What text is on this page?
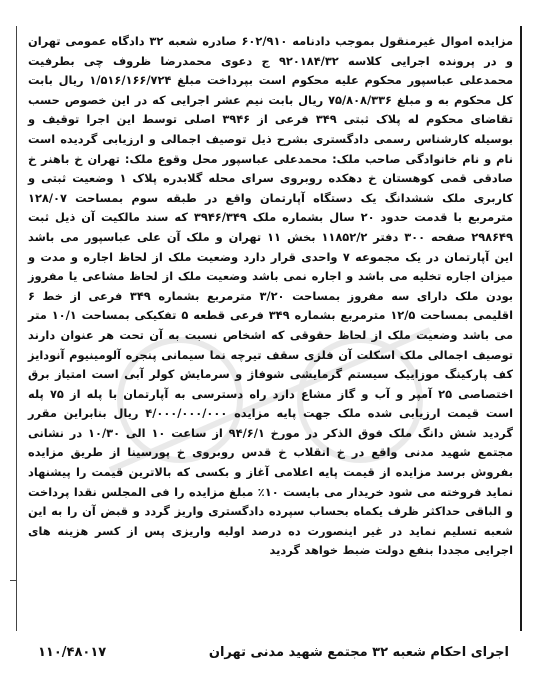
مزایده اموال غیرمنقول بموجب دادنامه ۶۰۲/۹۱۰ صادره شعبه ۳۲ دادگاه عمومی تهران و در پرونده اجرایی کلاسه ۹۲۰۱۸۴/۳۲ ج دعوی محمدرضا ظروف چی بطرفیت محمدعلی عباسپور محکوم علیه محکوم است بپرداخت مبلغ ۱/۵۱۶/۱۶۶/۷۲۴ ریال بابت کل محکوم به و مبلغ ۷۵/۸۰۸/۳۳۶ ریال بابت نیم عشر اجرایی که در این خصوص حسب تقاضای محکوم له پلاک ثبتی ۳۴۹ فرعی از ۳۹۴۶ اصلی توسط این اجرا توقیف و بوسیله کارشناس رسمی دادگستری بشرح ذیل توصیف اجمالی و ارزیابی گردیده است نام و نام خانوادگی صاحب ملک: محمدعلی عباسپور محل وقوع ملک: تهران خ باهنر خ صادقی قمی کوهستان خ دهکده روبروی سرای محله گلابدره پلاک ۱ وضعیت ثبتی و کاربری ملک ششدانگ یک دستگاه آپارتمان واقع در طبقه سوم بمساحت ۱۲۸/۰۷ مترمربع با قدمت حدود ۲۰ سال بشماره ملک ۳۹۴۶/۳۴۹ که سند مالکیت آن ذیل ثبت ۲۹۸۶۴۹ صفحه ۳۰۰ دفتر ۱۱۸۵۲/۲ بخش ۱۱ تهران و ملک آن علی عباسپور می باشد این آپارتمان در یک مجموعه ۷ واحدی قرار دارد وضعیت ملک از لحاظ اجاره و مدت و میزان اجاره تخلیه می باشد و اجاره نمی باشد وضعیت ملک از لحاظ مشاعی یا مفروز بودن ملک دارای سه مفروز بمساحت ۳/۲۰ مترمربع بشماره ۳۴۹ فرعی از خط ۶ اقلیمی بمساحت ۱۲/۵ مترمربع بشماره ۳۴۹ فرعی قطعه ۵ تفکیکی بمساحت ۱۰/۱ متر می باشد وضعیت ملک از لحاظ حقوقی که اشخاص نسبت به آن تحت هر عنوان دارند توصیف اجمالی ملک اسکلت آن فلزی سقف تیرچه نما سیمانی پنجره آلومینیوم آنودایز کف پارکینگ موزاییک سیستم گرمایشی شوفاژ و سرمایش کولر آبی است امتیاز برق اختصاصی ۲۵ آمپر و آب و گاز مشاع دارد راه دسترسی به آپارتمان با پله از ۷۵ پله است قیمت ارزیابی شده ملک جهت پایه مزایده ۴/۰۰۰/۰۰۰/۰۰۰ ریال بنابراین مقرر گردید شش دانگ ملک فوق الذکر در مورخ ۹۴/۶/۱ از ساعت ۱۰ الی ۱۰/۳۰ در نشانی مجتمع شهید مدنی واقع در خ انقلاب خ قدس روبروی خ پورسینا از طریق مزایده بفروش برسد مزایده از قیمت پایه اعلامی آغاز و بکسی که بالاترین قیمت را پیشنهاد نماید فروخته می شود خریدار می بایست ۱۰٪ مبلغ مزایده را فی المجلس نقدا پرداخت و الباقی حداکثر ظرف یکماه بحساب سپرده دادگستری واریز گردد و قبض آن را به این شعبه تسلیم نماید در غیر اینصورت ده درصد اولیه واریزی پس از کسر هزینه های اجرایی مجددا بنفع دولت ضبط خواهد گردید

اجرای احکام شعبه ۳۲ مجتمع شهید مدنی تهران
۱۱۰/۴۸۰۱۷
